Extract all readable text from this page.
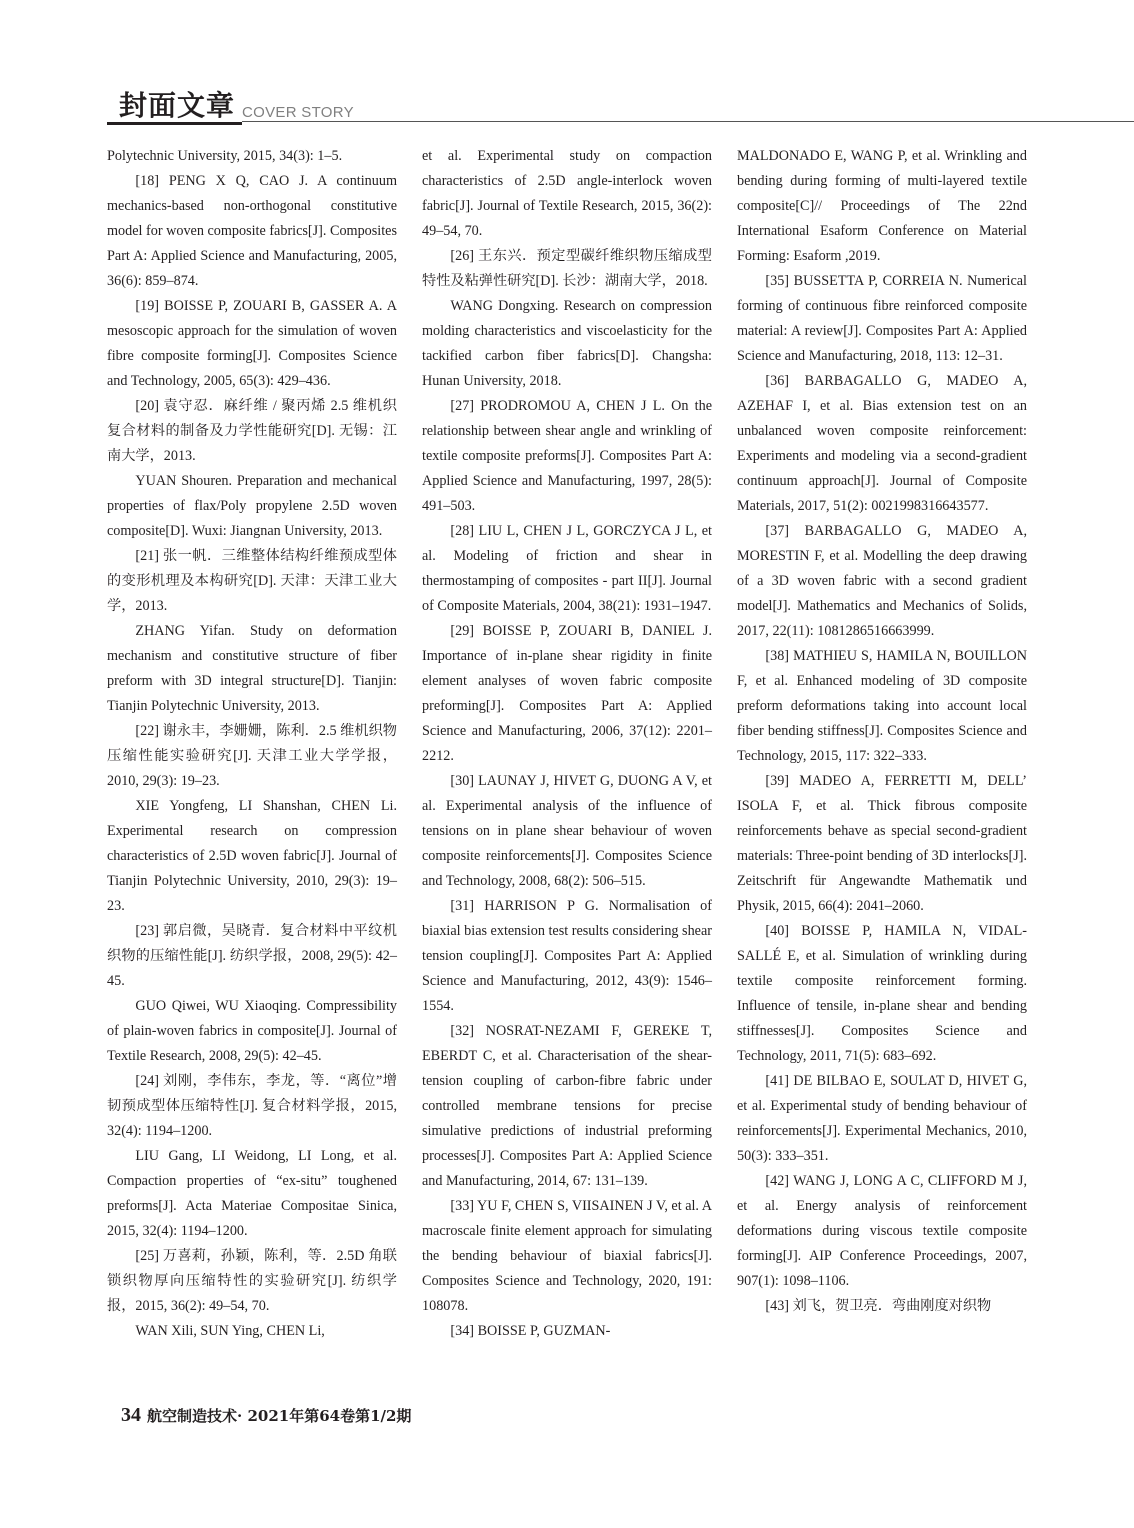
封面文章 COVER STORY

Polytechnic University, 2015, 34(3): 1–5.

[18] PENG X Q, CAO J. A continuum mechanics-based non-orthogonal constitutive model for woven composite fabrics[J]. Composites Part A: Applied Science and Manufacturing, 2005, 36(6): 859–874.

[19] BOISSE P, ZOUARI B, GASSER A. A mesoscopic approach for the simulation of woven fibre composite forming[J]. Composites Science and Technology, 2005, 65(3): 429–436.

[20] 袁守忍．麻纤维 / 聚丙烯 2.5 维机织复合材料的制备及力学性能研究[D]. 无锡：江南大学，2013.

YUAN Shouren. Preparation and mechanical properties of flax/Poly propylene 2.5D woven composite[D]. Wuxi: Jiangnan University, 2013.

[21] 张一帆．三维整体结构纤维预成型体的变形机理及本构研究[D]. 天津：天津工业大学，2013.

ZHANG Yifan. Study on deformation mechanism and constitutive structure of fiber preform with 3D integral structure[D]. Tianjin: Tianjin Polytechnic University, 2013.

[22] 谢永丰，李姗姗，陈利．2.5 维机织物压缩性能实验研究[J]. 天津工业大学学报，2010, 29(3): 19–23.

XIE Yongfeng, LI Shanshan, CHEN Li. Experimental research on compression characteristics of 2.5D woven fabric[J]. Journal of Tianjin Polytechnic University, 2010, 29(3): 19–23.

[23] 郭启微，吴晓青．复合材料中平纹机织物的压缩性能[J]. 纺织学报，2008, 29(5): 42–45.

GUO Qiwei, WU Xiaoqing. Compressibility of plain-woven fabrics in composite[J]. Journal of Textile Research, 2008, 29(5): 42–45.

[24] 刘刚，李伟东，李龙，等．“离位”增韧预成型体压缩特性[J]. 复合材料学报，2015, 32(4): 1194–1200.

LIU Gang, LI Weidong, LI Long, et al. Compaction properties of “ex-situ” toughened preforms[J]. Acta Materiae Compositae Sinica, 2015, 32(4): 1194–1200.

[25] 万喜莉，孙颖，陈利，等．2.5D 角联锁织物厚向压缩特性的实验研究[J]. 纺织学报，2015, 36(2): 49–54, 70.

WAN Xili, SUN Ying, CHEN Li,

et al. Experimental study on compaction characteristics of 2.5D angle-interlock woven fabric[J]. Journal of Textile Research, 2015, 36(2): 49–54, 70.

[26] 王东兴．预定型碳纤维织物压缩成型特性及粘弹性研究[D]. 长沙：湖南大学，2018.

WANG Dongxing. Research on compression molding characteristics and viscoelasticity for the tackified carbon fiber fabrics[D]. Changsha: Hunan University, 2018.

[27] PRODROMOU A, CHEN J L. On the relationship between shear angle and wrinkling of textile composite preforms[J]. Composites Part A: Applied Science and Manufacturing, 1997, 28(5): 491–503.

[28] LIU L, CHEN J L, GORCZYCA J L, et al. Modeling of friction and shear in thermostamping of composites - part II[J]. Journal of Composite Materials, 2004, 38(21): 1931–1947.

[29] BOISSE P, ZOUARI B, DANIEL J. Importance of in-plane shear rigidity in finite element analyses of woven fabric composite preforming[J]. Composites Part A: Applied Science and Manufacturing, 2006, 37(12): 2201–2212.

[30] LAUNAY J, HIVET G, DUONG A V, et al. Experimental analysis of the influence of tensions on in plane shear behaviour of woven composite reinforcements[J]. Composites Science and Technology, 2008, 68(2): 506–515.

[31] HARRISON P G. Normalisation of biaxial bias extension test results considering shear tension coupling[J]. Composites Part A: Applied Science and Manufacturing, 2012, 43(9): 1546–1554.

[32] NOSRAT-NEZAMI F, GEREKE T, EBERDT C, et al. Characterisation of the shear-tension coupling of carbon-fibre fabric under controlled membrane tensions for precise simulative predictions of industrial preforming processes[J]. Composites Part A: Applied Science and Manufacturing, 2014, 67: 131–139.

[33] YU F, CHEN S, VIISAINEN J V, et al. A macroscale finite element approach for simulating the bending behaviour of biaxial fabrics[J]. Composites Science and Technology, 2020, 191: 108078.

[34] BOISSE P, GUZMAN-

MALDONADO E, WANG P, et al. Wrinkling and bending during forming of multi-layered textile composite[C]// Proceedings of The 22nd International Esaform Conference on Material Forming: Esaform ,2019.

[35] BUSSETTA P, CORREIA N. Numerical forming of continuous fibre reinforced composite material: A review[J]. Composites Part A: Applied Science and Manufacturing, 2018, 113: 12–31.

[36] BARBAGALLO G, MADEO A, AZEHAF I, et al. Bias extension test on an unbalanced woven composite reinforcement: Experiments and modeling via a second-gradient continuum approach[J]. Journal of Composite Materials, 2017, 51(2): 0021998316643577.

[37] BARBAGALLO G, MADEO A, MORESTIN F, et al. Modelling the deep drawing of a 3D woven fabric with a second gradient model[J]. Mathematics and Mechanics of Solids, 2017, 22(11): 1081286516663999.

[38] MATHIEU S, HAMILA N, BOUILLON F, et al. Enhanced modeling of 3D composite preform deformations taking into account local fiber bending stiffness[J]. Composites Science and Technology, 2015, 117: 322–333.

[39] MADEO A, FERRETTI M, DELL’ ISOLA F, et al. Thick fibrous composite reinforcements behave as special second-gradient materials: Three-point bending of 3D interlocks[J]. Zeitschrift für Angewandte Mathematik und Physik, 2015, 66(4): 2041–2060.

[40] BOISSE P, HAMILA N, VIDAL-SALLÉ E, et al. Simulation of wrinkling during textile composite reinforcement forming. Influence of tensile, in-plane shear and bending stiffnesses[J]. Composites Science and Technology, 2011, 71(5): 683–692.

[41] DE BILBAO E, SOULAT D, HIVET G, et al. Experimental study of bending behaviour of reinforcements[J]. Experimental Mechanics, 2010, 50(3): 333–351.

[42] WANG J, LONG A C, CLIFFORD M J, et al. Energy analysis of reinforcement deformations during viscous textile composite forming[J]. AIP Conference Proceedings, 2007, 907(1): 1098–1106.

[43] 刘飞，贺卫亮．弯曲刚度对织物

34 航空制造技术· 2021年第64卷第1/2期
